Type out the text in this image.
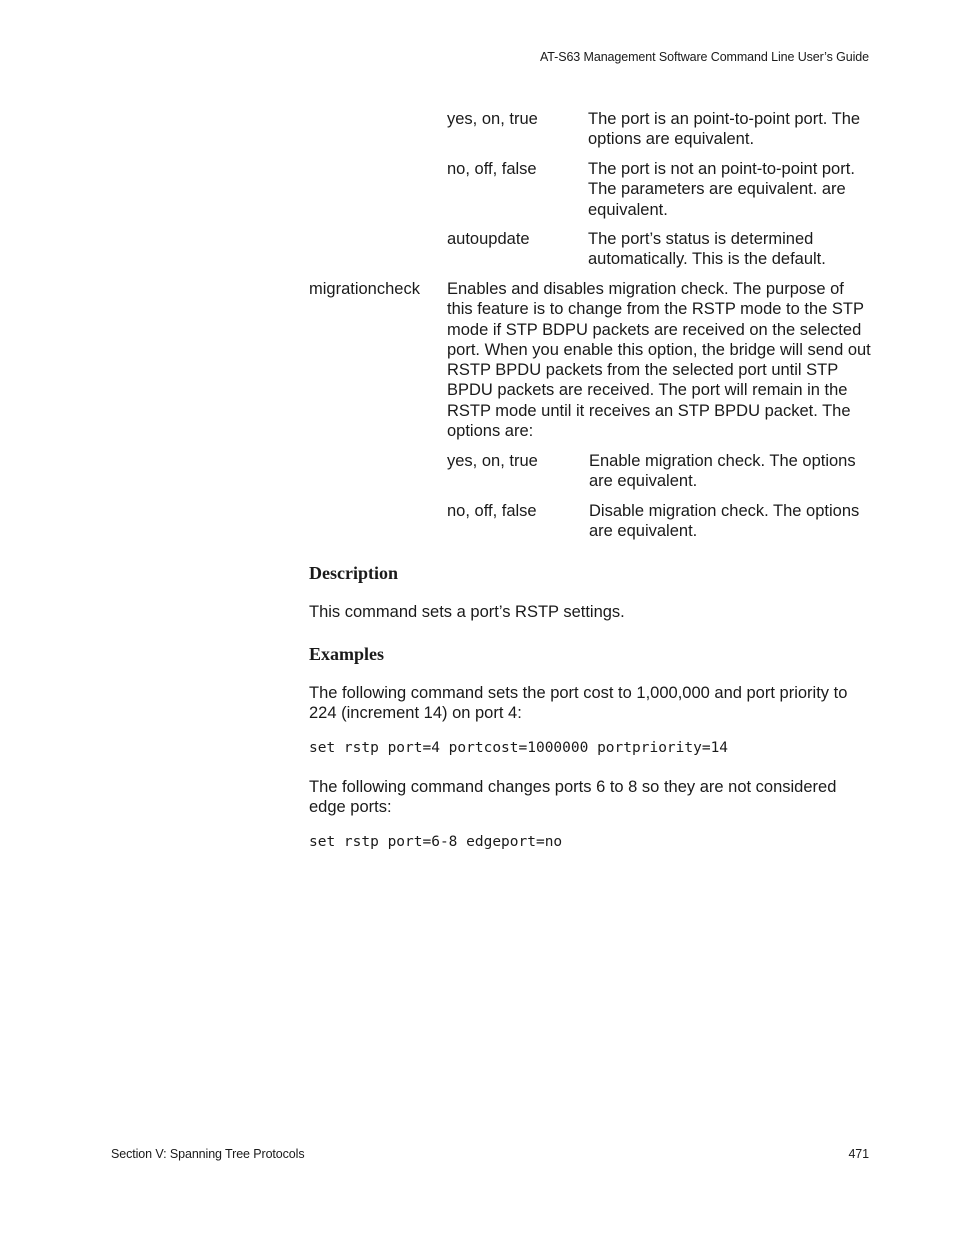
AT-S63 Management Software Command Line User’s Guide
yes, on, true	The port is an point-to-point port. The options are equivalent.
no, off, false	The port is not an point-to-point port. The parameters are equivalent. are equivalent.
autoupdate	The port’s status is determined automatically. This is the default.
migrationcheck	Enables and disables migration check. The purpose of this feature is to change from the RSTP mode to the STP mode if STP BDPU packets are received on the selected port. When you enable this option, the bridge will send out RSTP BPDU packets from the selected port until STP BPDU packets are received. The port will remain in the RSTP mode until it receives an STP BPDU packet. The options are:
yes, on, true	Enable migration check. The options are equivalent.
no, off, false	Disable migration check. The options are equivalent.
Description
This command sets a port’s RSTP settings.
Examples
The following command sets the port cost to 1,000,000 and port priority to 224 (increment 14) on port 4:
set rstp port=4 portcost=1000000 portpriority=14
The following command changes ports 6 to 8 so they are not considered edge ports:
set rstp port=6-8 edgeport=no
Section V: Spanning Tree Protocols	471
